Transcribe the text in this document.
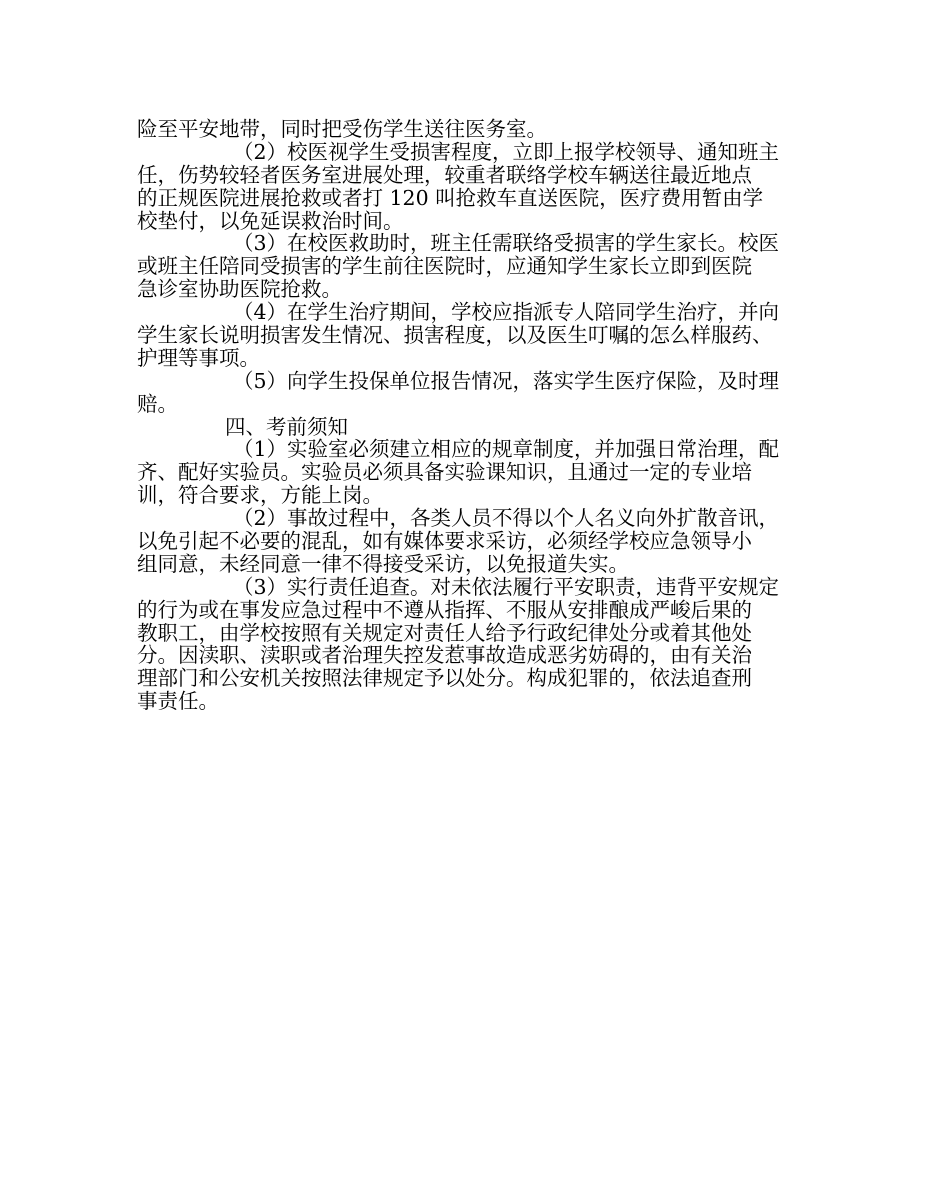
险至平安地带，同时把受伤学生送往医务室。
（2）校医视学生受损害程度，立即上报学校领导、通知班主
任，伤势较轻者医务室进展处理，较重者联络学校车辆送往最近地点
的正规医院进展抢救或者打 120 叫抢救车直送医院，医疗费用暂由学
校垫付，以免延误救治时间。
（3）在校医救助时，班主任需联络受损害的学生家长。校医
或班主任陪同受损害的学生前往医院时，应通知学生家长立即到医院
急诊室协助医院抢救。
（4）在学生治疗期间，学校应指派专人陪同学生治疗，并向
学生家长说明损害发生情况、损害程度，以及医生叮嘱的怎么样服药、
护理等事项。
（5）向学生投保单位报告情况，落实学生医疗保险，及时理
赔。
四、考前须知
（1）实验室必须建立相应的规章制度，并加强日常治理，配
齐、配好实验员。实验员必须具备实验课知识，且通过一定的专业培
训，符合要求，方能上岗。
（2）事故过程中，各类人员不得以个人名义向外扩散音讯，
以免引起不必要的混乱，如有媒体要求采访，必须经学校应急领导小
组同意，未经同意一律不得接受采访，以免报道失实。
（3）实行责任追查。对未依法履行平安职责，违背平安规定
的行为或在事发应急过程中不遵从指挥、不服从安排酿成严峻后果的
教职工，由学校按照有关规定对责任人给予行政纪律处分或着其他处
分。因渎职、渎职或者治理失控发惹事故造成恶劣妨碍的，由有关治
理部门和公安机关按照法律规定予以处分。构成犯罪的，依法追查刑
事责任。
